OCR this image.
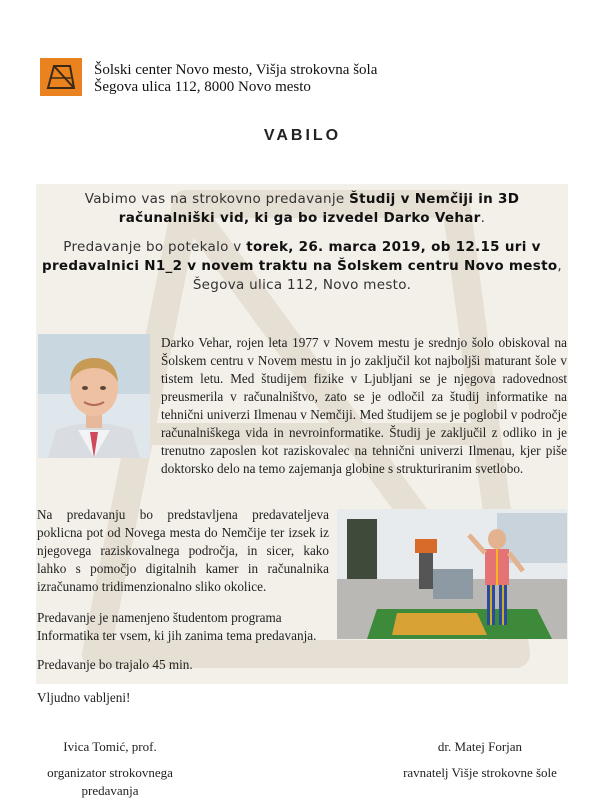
Šolski center Novo mesto, Višja strokovna šola
Šegova ulica 112, 8000 Novo mesto
VABILO
Vabimo vas na strokovno predavanje Študij v Nemčiji in 3D računalniški vid, ki ga bo izvedel Darko Vehar.
Predavanje bo potekalo v torek, 26. marca 2019, ob 12.15 uri v predavalnici N1_2 v novem traktu na Šolskem centru Novo mesto, Šegova ulica 112, Novo mesto.
Darko Vehar, rojen leta 1977 v Novem mestu je srednjo šolo obiskoval na Šolskem centru v Novem mestu in jo zaključil kot najboljši maturant šole v tistem letu. Med študijem fizike v Ljubljani se je njegova radovednost preusmerila v računalništvo, zato se je odločil za študij informatike na tehnični univerzi Ilmenau v Nemčiji. Med študijem se je poglobil v področje računalniškega vida in nevroinformatike. Študij je zaključil z odliko in je trenutno zaposlen kot raziskovalec na tehnični univerzi Ilmenau, kjer piše doktorsko delo na temo zajemanja globine s strukturiranim svetlobo.
Na predavanju bo predstavljena predavateljeva poklicna pot od Novega mesta do Nemčije ter izsek iz njegovega raziskovalnega področja, in sicer, kako lahko s pomočjo digitalnih kamer in računalnika izračunamo tridimenzionalno sliko okolice.
Predavanje je namenjeno študentom programa Informatika ter vsem, ki jih zanima tema predavanja.
Predavanje bo trajalo 45 min.
Vljudno vabljeni!
Ivica Tomić, prof.
organizator strokovnega
predavanja
dr. Matej Forjan
ravnatelj Višje strokovne šole
